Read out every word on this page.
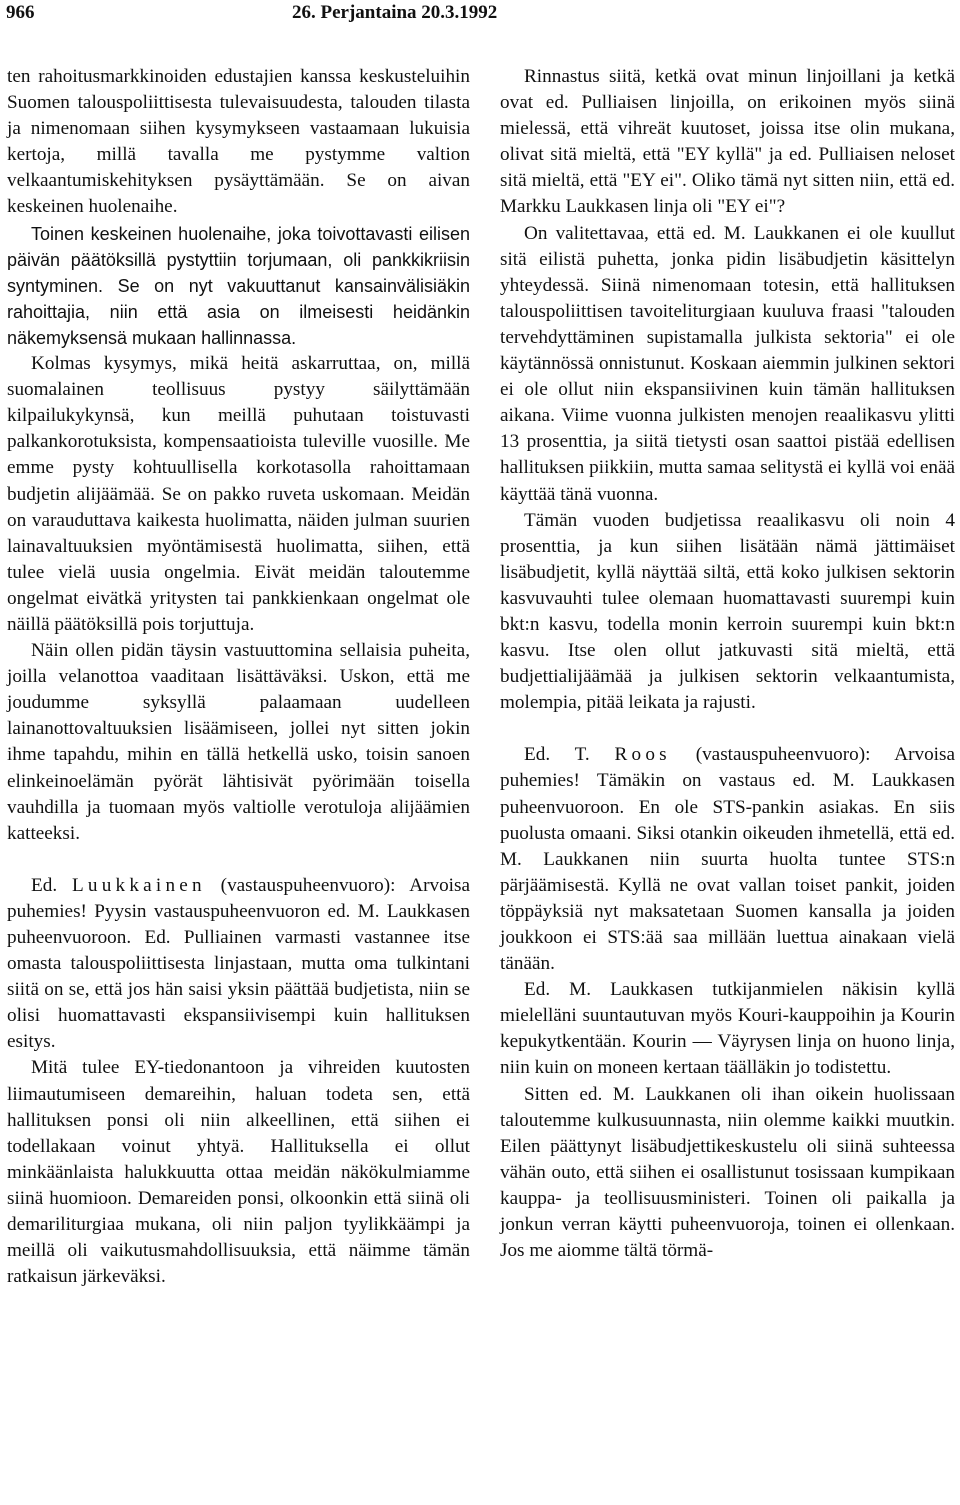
966	26. Perjantaina 20.3.1992

ten rahoitusmarkkinoiden edustajien kanssa keskusteluihin Suomen talouspoliittisesta tulevaisuudesta, talouden tilasta ja nimenomaan siihen kysymykseen vastaamaan lukuisia kertoja, millä tavalla me pystymme valtion velkaantumiskehityksen pysäyttämään. Se on aivan keskeinen huolenaihe.

Toinen keskeinen huolenaihe, joka toivottavasti eilisen päivän päätöksillä pystyttiin torjumaan, oli pankkikriisin syntyminen. Se on nyt vakuuttanut kansainvälisiäkin rahoittajia, niin että asia on ilmeisesti heidänkin näkemyksensä mukaan hallinnassa.

Kolmas kysymys, mikä heitä askarruttaa, on, millä suomalainen teollisuus pystyy säilyttämään kilpailukykynsä, kun meillä puhutaan toistuvasti palkankorotuksista, kompensaatioista tuleville vuosille. Me emme pysty kohtuullisella korkotasolla rahoittamaan budjetin alijäämää. Se on pakko ruveta uskomaan. Meidän on varauduttava kaikesta huolimatta, näiden julman suurien lainavaltuuksien myöntämisestä huolimatta, siihen, että tulee vielä uusia ongelmia. Eivät meidän taloutemme ongelmat eivätkä yritysten tai pankkienkaan ongelmat ole näillä päätöksillä pois torjuttuja.

Näin ollen pidän täysin vastuuttomina sellaisia puheita, joilla velanottoa vaaditaan lisättäväksi. Uskon, että me joudumme syksyllä palaamaan uudelleen lainanottovaltuuksien lisäämiseen, jollei nyt sitten jokin ihme tapahdu, mihin en tällä hetkellä usko, toisin sanoen elinkeinoelämän pyörät lähtisivät pyörimään toisella vauhdilla ja tuomaan myös valtiolle verotuloja alijäämien katteeksi.

Ed. Luukkainen (vastauspuheenvuoro): Arvoisa puhemies! Pyysin vastauspuheenvuoron ed. M. Laukkasen puheenvuoroon. Ed. Pulliainen varmasti vastannee itse omasta talouspoliittisesta linjastaan, mutta oma tulkintani siitä on se, että jos hän saisi yksin päättää budjetista, niin se olisi huomattavasti ekspansiivisempi kuin hallituksen esitys.

Mitä tulee EY-tiedonantoon ja vihreiden kuutosten liimautumiseen demareihin, haluan todeta sen, että hallituksen ponsi oli niin alkeellinen, että siihen ei todellakaan voinut yhtyä. Hallituksella ei ollut minkäänlaista halukkuutta ottaa meidän näkökulmiamme siinä huomioon. Demareiden ponsi, olkoonkin että siinä oli demariliturgiaa mukana, oli niin paljon tyylikkäämpi ja meillä oli vaikutusmahdollisuuksia, että näimme tämän ratkaisun järkeväksi.

Rinnastus siitä, ketkä ovat minun linjoillani ja ketkä ovat ed. Pulliaisen linjoilla, on erikoinen myös siinä mielessä, että vihreät kuutoset, joissa itse olin mukana, olivat sitä mieltä, että "EY kyllä" ja ed. Pulliaisen neloset sitä mieltä, että "EY ei". Oliko tämä nyt sitten niin, että ed. Markku Laukkasen linja oli "EY ei"?

On valitettavaa, että ed. M. Laukkanen ei ole kuullut sitä eilistä puhetta, jonka pidin lisäbudjetin käsittelyn yhteydessä. Siinä nimenomaan totesin, että hallituksen talouspoliittisen tavoiteliturgiaan kuuluva fraasi "talouden tervehdyttäminen supistamalla julkista sektoria" ei ole käytännössä onnistunut. Koskaan aiemmin julkinen sektori ei ole ollut niin ekspansiivinen kuin tämän hallituksen aikana. Viime vuonna julkisten menojen reaalikasvu ylitti 13 prosenttia, ja siitä tietysti osan saattoi pistää edellisen hallituksen piikkiin, mutta samaa selitystä ei kyllä voi enää käyttää tänä vuonna.

Tämän vuoden budjetissa reaalikasvu oli noin 4 prosenttia, ja kun siihen lisätään nämä jättimäiset lisäbudjetit, kyllä näyttää siltä, että koko julkisen sektorin kasvuvauhti tulee olemaan huomattavasti suurempi kuin bkt:n kasvu, todella monin kerroin suurempi kuin bkt:n kasvu. Itse olen ollut jatkuvasti sitä mieltä, että budjettialijäämää ja julkisen sektorin velkaantumista, molempia, pitää leikata ja rajusti.

Ed. T. Roos (vastauspuheenvuoro): Arvoisa puhemies! Tämäkin on vastaus ed. M. Laukkasen puheenvuoroon. En ole STS-pankin asiakas. En siis puolusta omaani. Siksi otankin oikeuden ihmetellä, että ed. M. Laukkanen niin suurta huolta tuntee STS:n pärjäämisestä. Kyllä ne ovat vallan toiset pankit, joiden töppäyksiä nyt maksatetaan Suomen kansalla ja joiden joukkoon ei STS:ää saa millään luettua ainakaan vielä tänään.

Ed. M. Laukkasen tutkijanmielen näkisin kyllä mielelläni suuntautuvan myös Kouri-kauppoihin ja Kourin kepukytkentään. Kourin — Väyrysen linja on huono linja, niin kuin on moneen kertaan täälläkin jo todistettu.

Sitten ed. M. Laukkanen oli ihan oikein huolissaan taloutemme kulkusuunnasta, niin olemme kaikki muutkin. Eilen päättynyt lisäbudjettikeskustelu oli siinä suhteessa vähän outo, että siihen ei osallistunut tosissaan kumpikaan kauppa- ja teollisuusministeri. Toinen oli paikalla ja jonkun verran käytti puheenvuoroja, toinen ei ollenkaan. Jos me aiomme tältä törmä-
